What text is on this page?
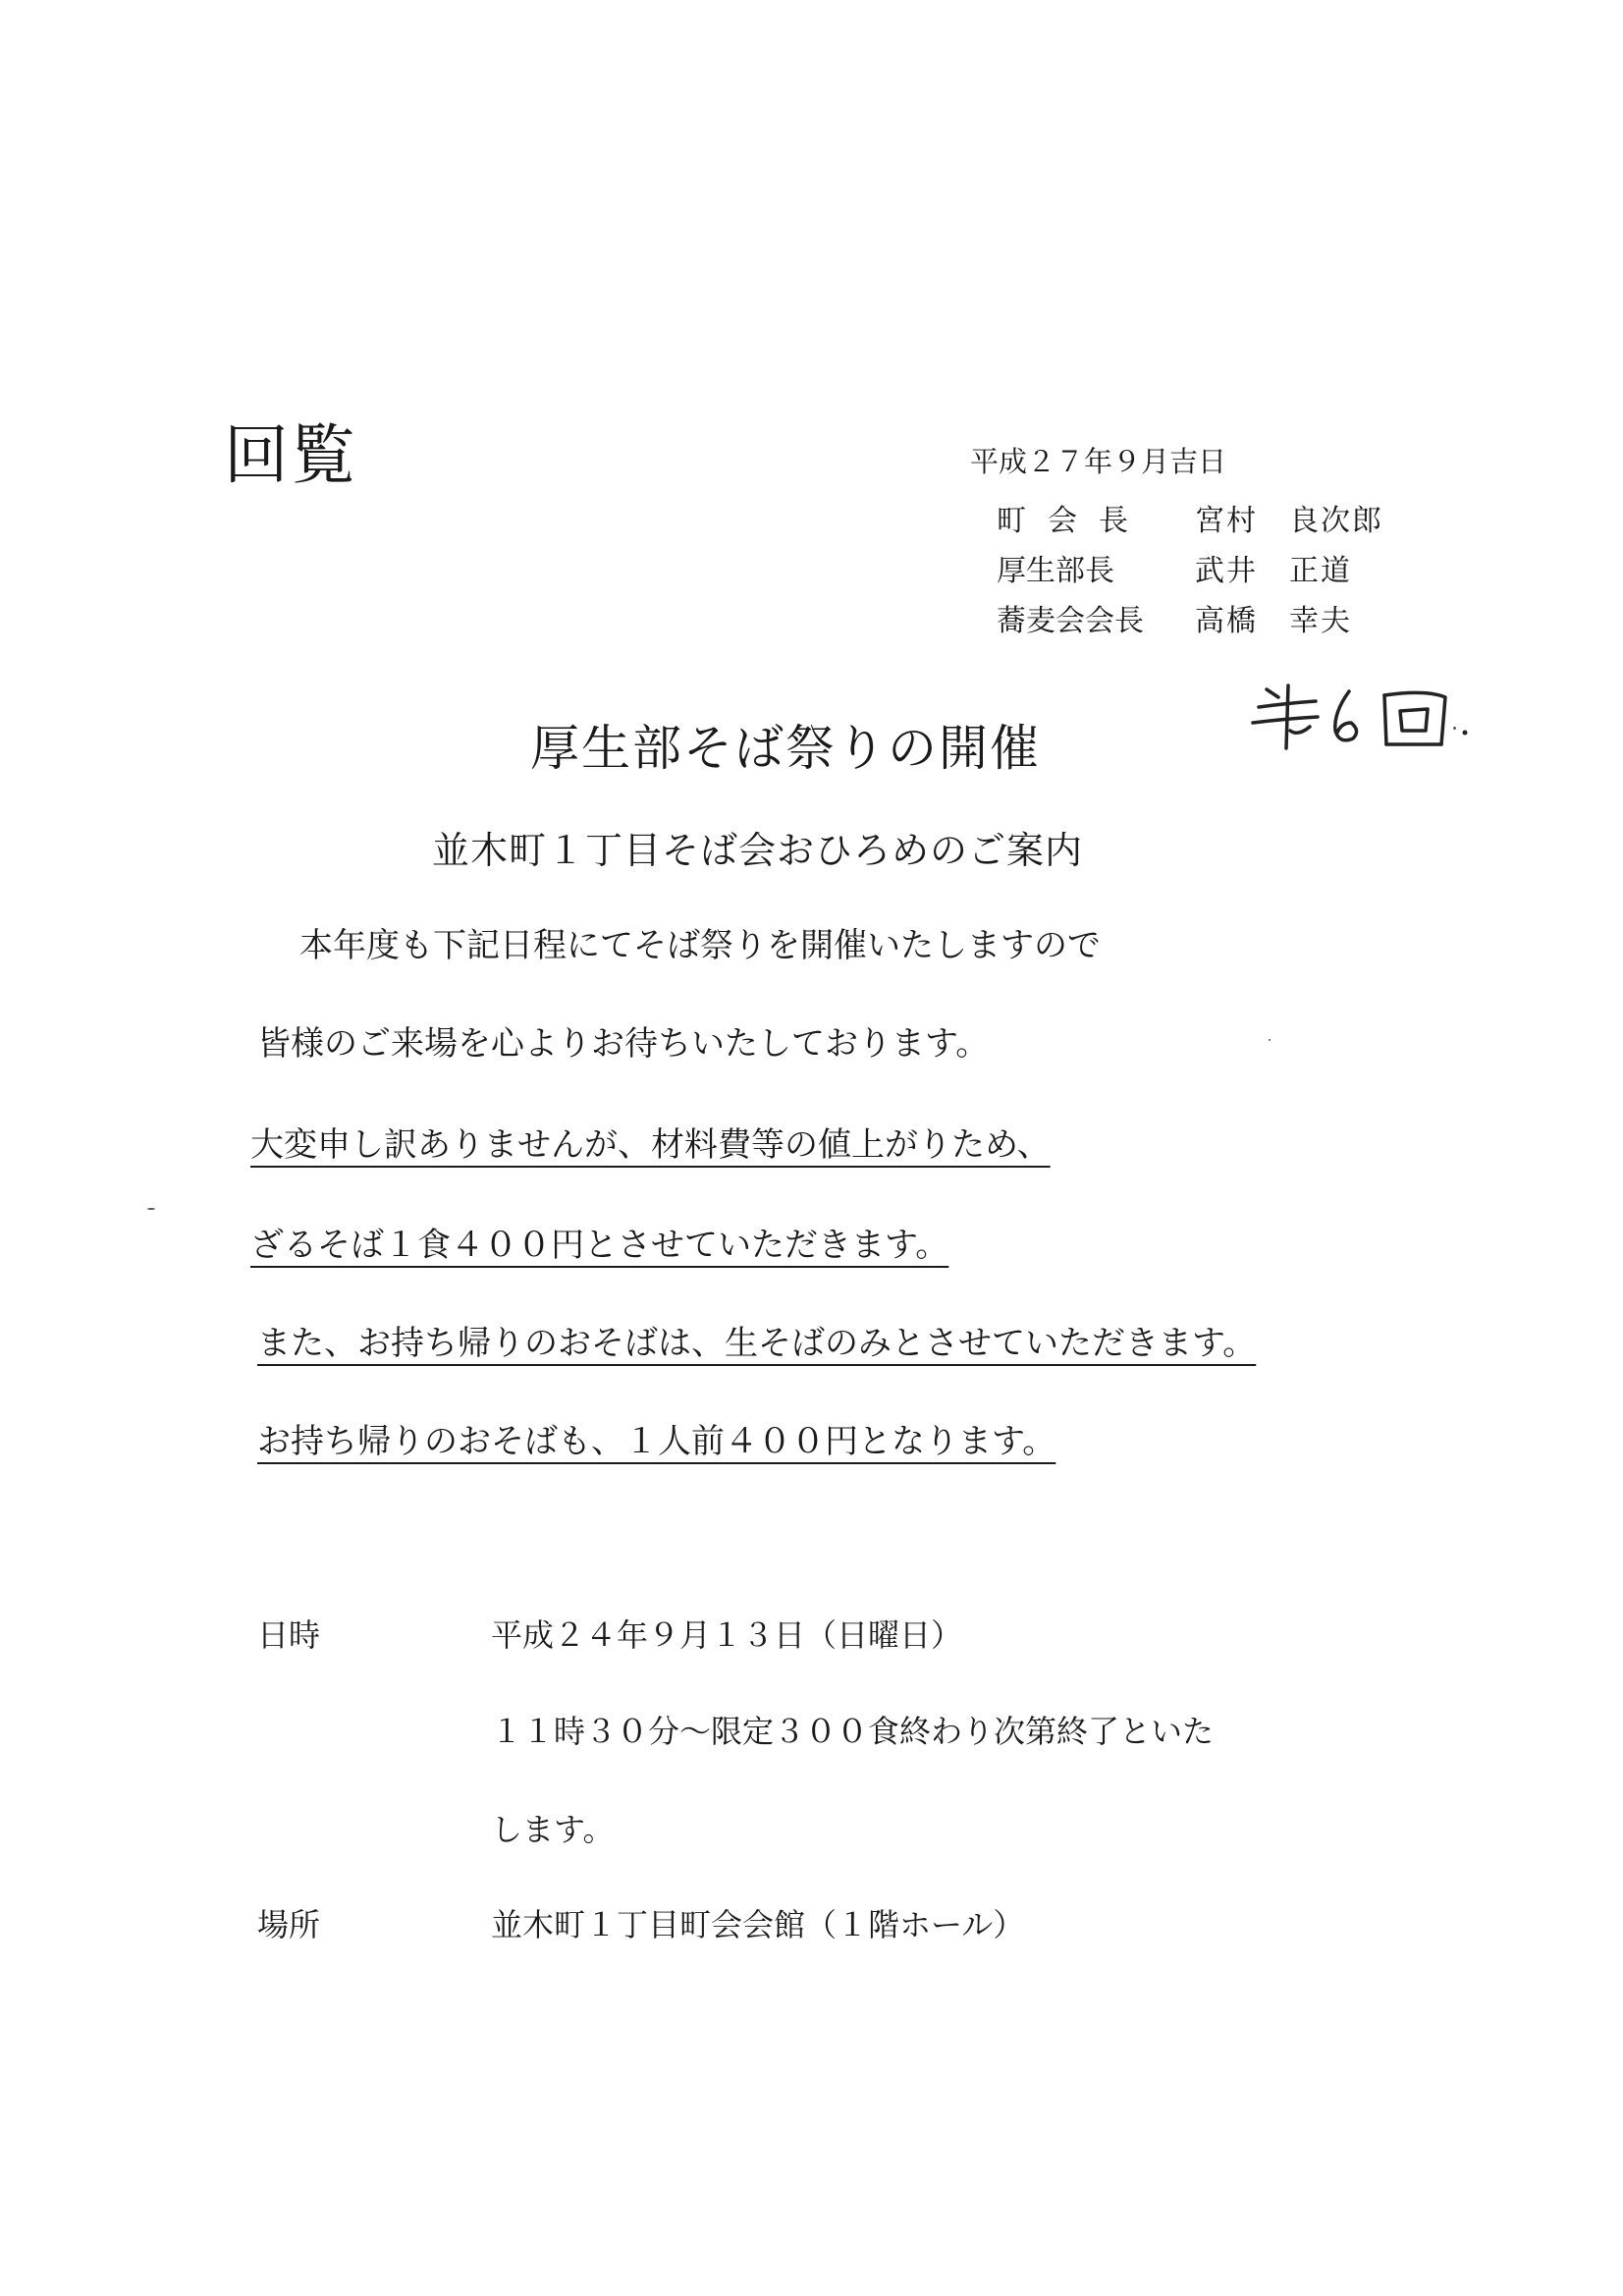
回覧	平成２７年９月吉日
町会長 宮村　良次郎
厚生部長	武井　正道
蕎麦会会長 高橋　幸夫
厚生部そば祭りの開催
並木町１丁目そば会おひろめのご案内
本年度も下記日程にてそば祭りを開催いたしますので
皆様のご来場を心よりお待ちいたしております。
大変申し訳ありませんが、材料費等の値上がりため、
ざるそば１食４００円とさせていただきます。
また、お持ち帰りのおそばは、生そばのみとさせていただきます。
お持ち帰りのおそばも、１人前４００円となります。
日時	平成２４年９月１３日（日曜日）
１１時３０分～限定３００食終わり次第終了といた
します。
場所	並木町１丁目町会会館（１階ホール）
